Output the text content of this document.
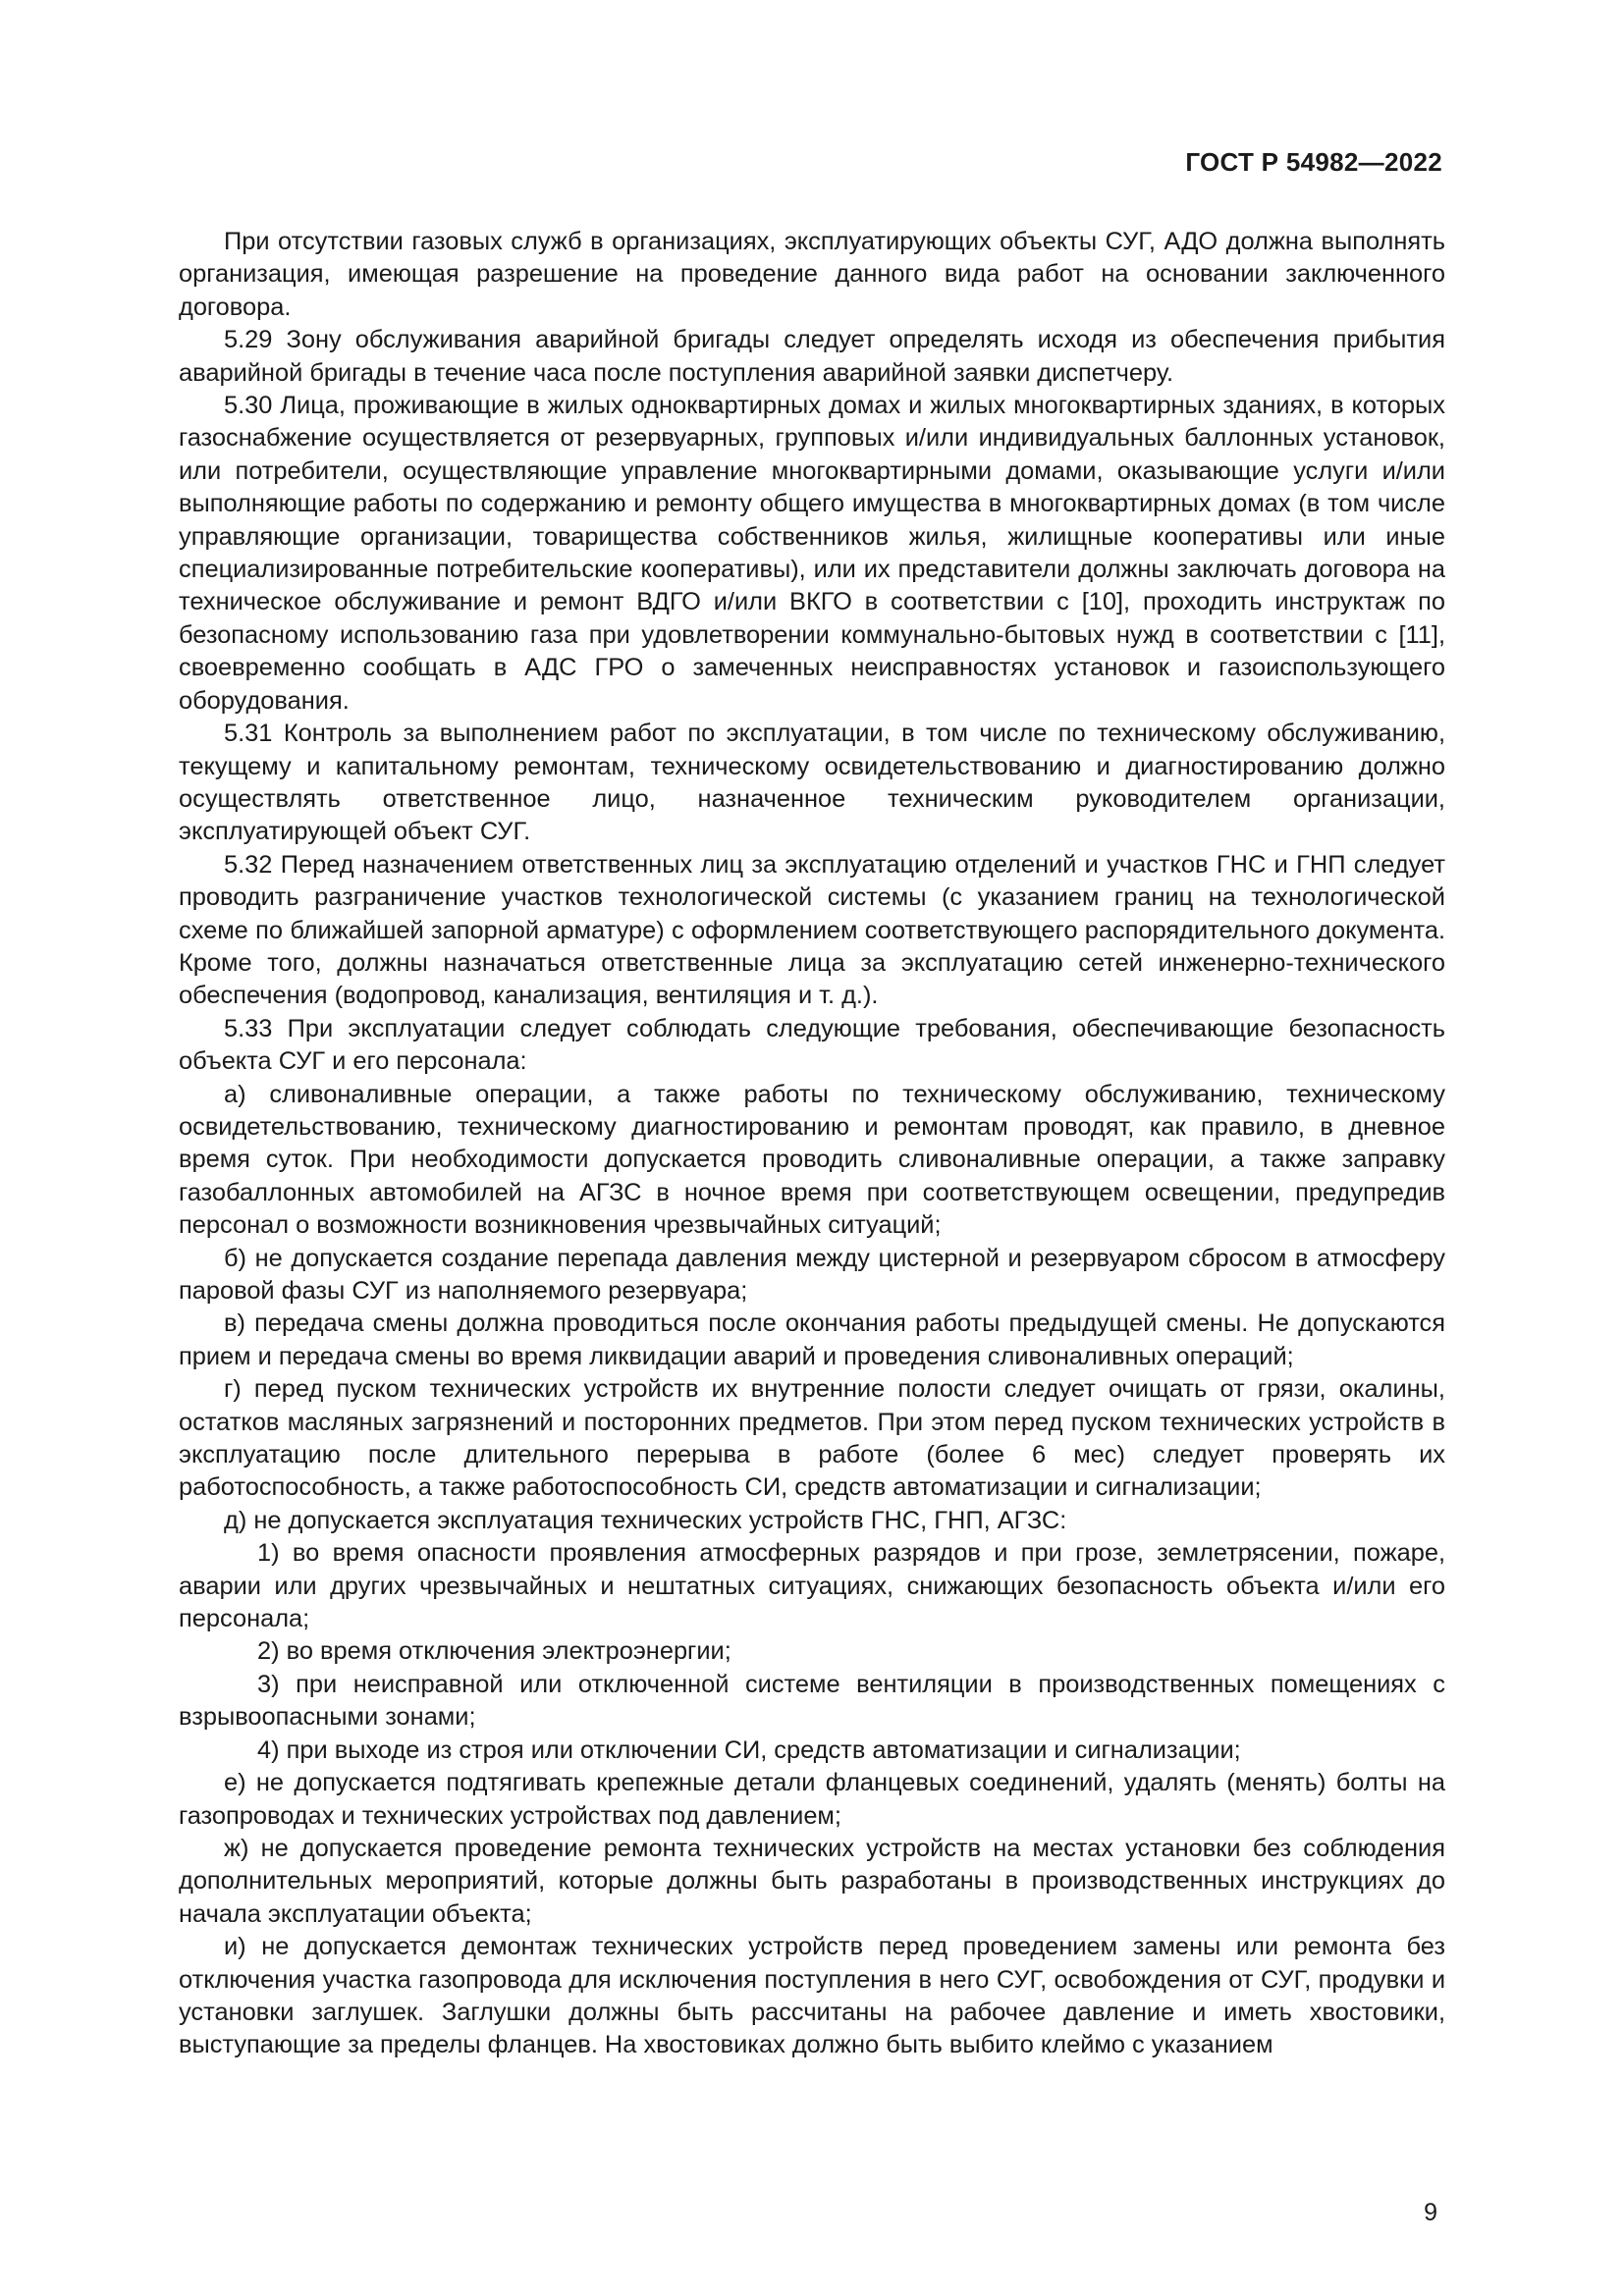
ГОСТ Р 54982—2022

При отсутствии газовых служб в организациях, эксплуатирующих объекты СУГ, АДО должна выполнять организация, имеющая разрешение на проведение данного вида работ на основании заключенного договора.

5.29 Зону обслуживания аварийной бригады следует определять исходя из обеспечения прибытия аварийной бригады в течение часа после поступления аварийной заявки диспетчеру.

5.30 Лица, проживающие в жилых одноквартирных домах и жилых многоквартирных зданиях, в которых газоснабжение осуществляется от резервуарных, групповых и/или индивидуальных баллонных установок, или потребители, осуществляющие управление многоквартирными домами, оказывающие услуги и/или выполняющие работы по содержанию и ремонту общего имущества в многоквартирных домах (в том числе управляющие организации, товарищества собственников жилья, жилищные кооперативы или иные специализированные потребительские кооперативы), или их представители должны заключать договора на техническое обслуживание и ремонт ВДГО и/или ВКГО в соответствии с [10], проходить инструктаж по безопасному использованию газа при удовлетворении коммунально-бытовых нужд в соответствии с [11], своевременно сообщать в АДС ГРО о замеченных неисправностях установок и газоиспользующего оборудования.

5.31 Контроль за выполнением работ по эксплуатации, в том числе по техническому обслуживанию, текущему и капитальному ремонтам, техническому освидетельствованию и диагностированию должно осуществлять ответственное лицо, назначенное техническим руководителем организации, эксплуатирующей объект СУГ.

5.32 Перед назначением ответственных лиц за эксплуатацию отделений и участков ГНС и ГНП следует проводить разграничение участков технологической системы (с указанием границ на технологической схеме по ближайшей запорной арматуре) с оформлением соответствующего распорядительного документа. Кроме того, должны назначаться ответственные лица за эксплуатацию сетей инженерно-технического обеспечения (водопровод, канализация, вентиляция и т. д.).

5.33 При эксплуатации следует соблюдать следующие требования, обеспечивающие безопасность объекта СУГ и его персонала:

а) сливоналивные операции, а также работы по техническому обслуживанию, техническому освидетельствованию, техническому диагностированию и ремонтам проводят, как правило, в дневное время суток. При необходимости допускается проводить сливоналивные операции, а также заправку газобаллонных автомобилей на АГЗС в ночное время при соответствующем освещении, предупредив персонал о возможности возникновения чрезвычайных ситуаций;

б) не допускается создание перепада давления между цистерной и резервуаром сбросом в атмосферу паровой фазы СУГ из наполняемого резервуара;

в) передача смены должна проводиться после окончания работы предыдущей смены. Не допускаются прием и передача смены во время ликвидации аварий и проведения сливоналивных операций;

г) перед пуском технических устройств их внутренние полости следует очищать от грязи, окалины, остатков масляных загрязнений и посторонних предметов. При этом перед пуском технических устройств в эксплуатацию после длительного перерыва в работе (более 6 мес) следует проверять их работоспособность, а также работоспособность СИ, средств автоматизации и сигнализации;

д) не допускается эксплуатация технических устройств ГНС, ГНП, АГЗС:

1) во время опасности проявления атмосферных разрядов и при грозе, землетрясении, пожаре, аварии или других чрезвычайных и нештатных ситуациях, снижающих безопасность объекта и/или его персонала;

2) во время отключения электроэнергии;

3) при неисправной или отключенной системе вентиляции в производственных помещениях с взрывоопасными зонами;

4) при выходе из строя или отключении СИ, средств автоматизации и сигнализации;

е) не допускается подтягивать крепежные детали фланцевых соединений, удалять (менять) болты на газопроводах и технических устройствах под давлением;

ж) не допускается проведение ремонта технических устройств на местах установки без соблюдения дополнительных мероприятий, которые должны быть разработаны в производственных инструкциях до начала эксплуатации объекта;

и) не допускается демонтаж технических устройств перед проведением замены или ремонта без отключения участка газопровода для исключения поступления в него СУГ, освобождения от СУГ, продувки и установки заглушек. Заглушки должны быть рассчитаны на рабочее давление и иметь хвостовики, выступающие за пределы фланцев. На хвостовиках должно быть выбито клеймо с указанием

9
